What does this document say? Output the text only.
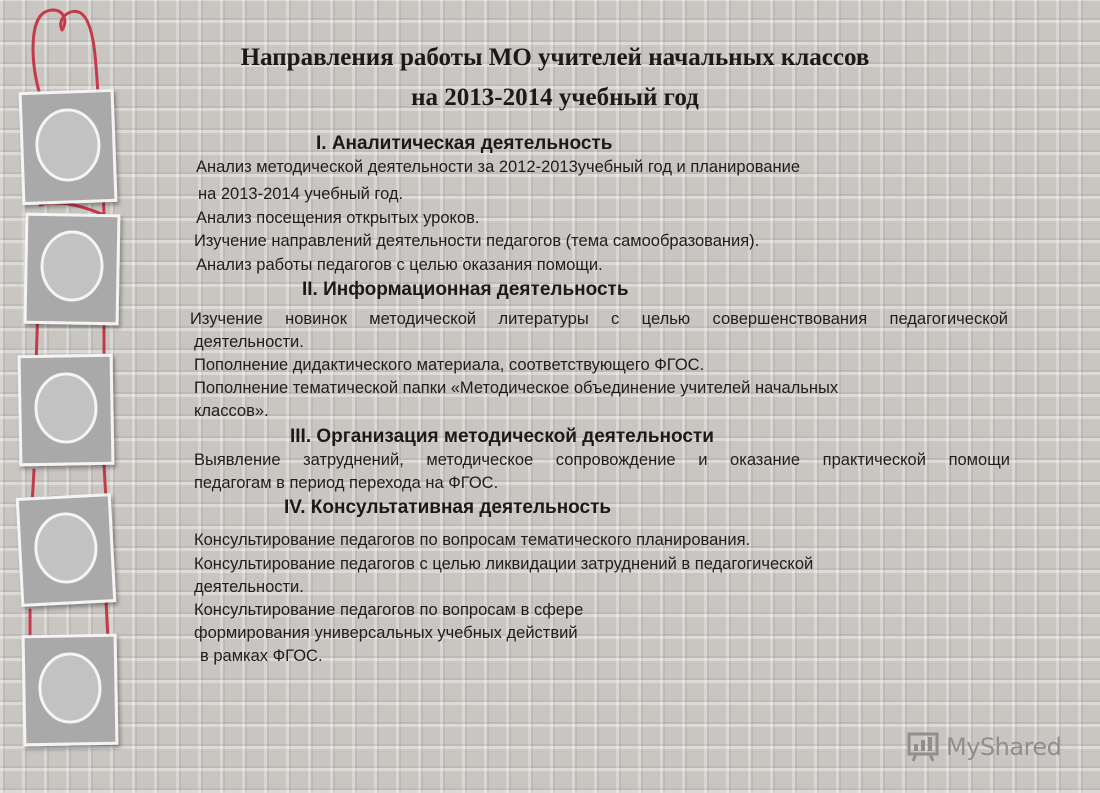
Направления работы МО учителей начальных классов
на 2013-2014 учебный год
I. Аналитическая деятельность

Анализ методической деятельности за 2012-2013учебный год и планирование

на 2013-2014 учебный год.

Анализ посещения открытых уроков.

Изучение направлений деятельности педагогов (тема самообразования).

Анализ работы педагогов с целью оказания помощи.

II. Информационная деятельность

Изучение новинок методической литературы с целью совершенствования педагогической

деятельности.

Пополнение дидактического материала, соответствующего ФГОС.

Пополнение тематической папки «Методическое объединение учителей начальных

классов».

III. Организация методической деятельности

Выявление затруднений, методическое сопровождение и оказание практической помощи

педагогам в период перехода на ФГОС.

IV. Консультативная деятельность

Консультирование педагогов по вопросам тематического планирования.

Консультирование педагогов с целью ликвидации затруднений в педагогической

деятельности.

Консультирование педагогов по вопросам в сфере

формирования универсальных учебных действий

в рамках ФГОС.

MyShared
